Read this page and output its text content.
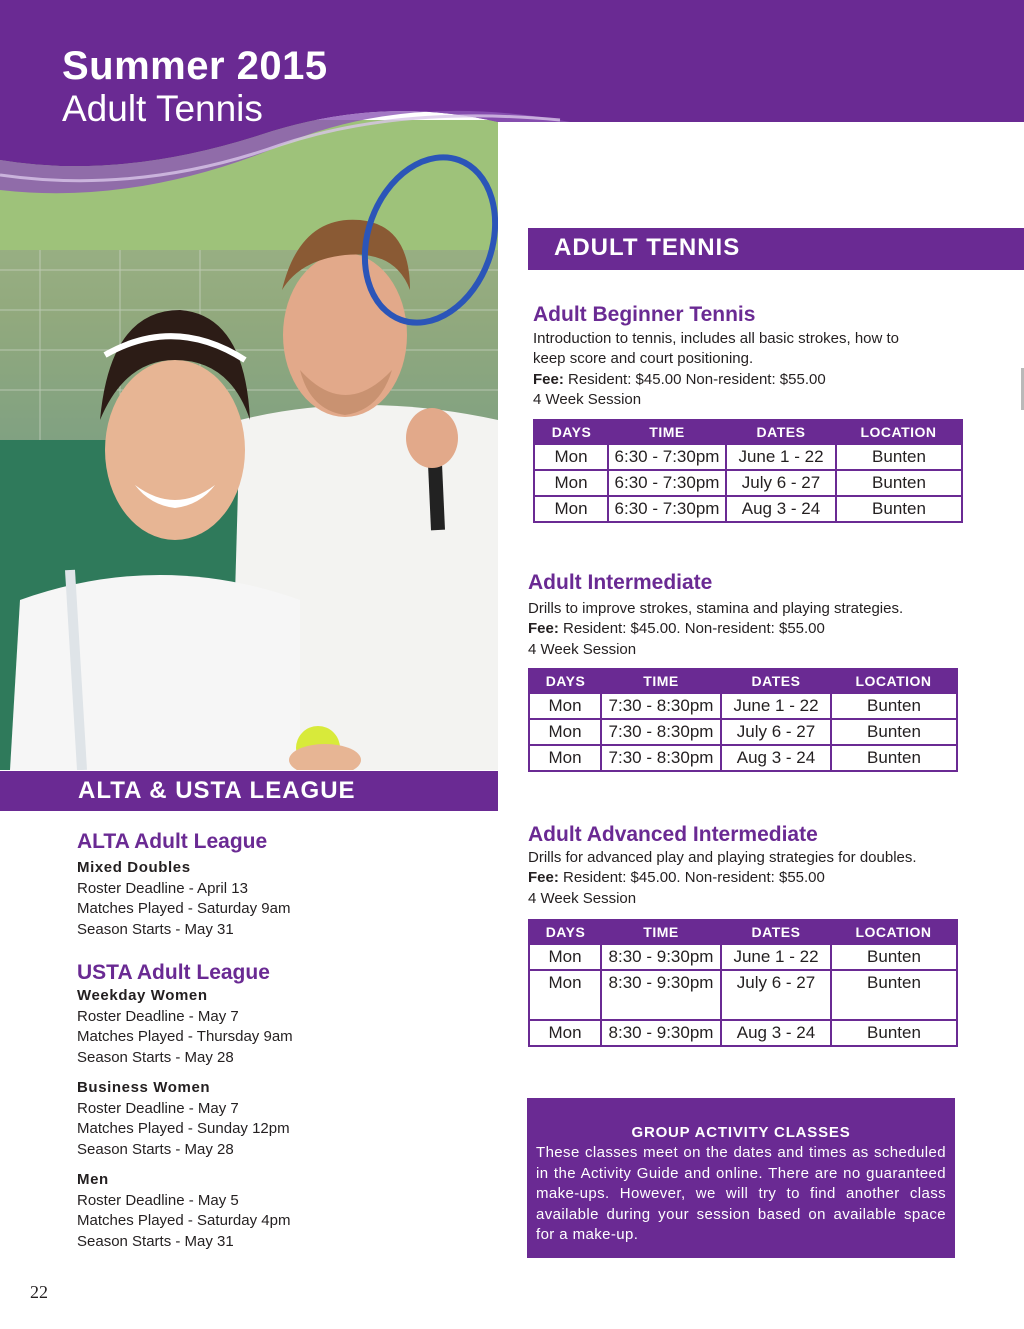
Summer 2015
Adult Tennis
ADULT TENNIS
Adult Beginner Tennis
Introduction to tennis, includes all basic strokes, how to
keep score and court positioning.
Fee: Resident: $45.00 Non-resident: $55.00
4 Week Session
DAYS	TIME	DATES	LOCATION
Mon	6:30 - 7:30pm	June 1 - 22	Bunten
Mon	6:30 - 7:30pm	July 6 - 27	Bunten
Mon	6:30 - 7:30pm	Aug 3 - 24	Bunten
Adult Intermediate
Drills to improve strokes, stamina and playing strategies.
Fee: Resident: $45.00. Non-resident: $55.00
4 Week Session
DAYS	TIME	DATES	LOCATION
Mon	7:30 - 8:30pm	June 1 - 22	Bunten
Mon	7:30 - 8:30pm	July 6 - 27	Bunten
Mon	7:30 - 8:30pm	Aug 3 - 24	Bunten
Adult Advanced Intermediate
Drills for advanced play and playing strategies for doubles.
Fee: Resident: $45.00. Non-resident: $55.00
4 Week Session
DAYS	TIME	DATES	LOCATION
Mon	8:30 - 9:30pm	June 1 - 22	Bunten
Mon	8:30 - 9:30pm	July 6 - 27	Bunten
Mon	8:30 - 9:30pm	Aug 3 - 24	Bunten
GROUP ACTIVITY CLASSES
These classes meet on the dates and times as scheduled in the Activity Guide and online. There are no guaranteed make-ups. However, we will try to find another class available during your session based on available space for a make-up.
ALTA & USTA LEAGUE
ALTA Adult League
Mixed Doubles
Roster Deadline - April 13
Matches Played - Saturday 9am
Season Starts - May 31
USTA Adult League
Weekday Women
Roster Deadline - May 7
Matches Played - Thursday 9am
Season Starts - May 28
Business Women
Roster Deadline - May 7
Matches Played - Sunday 12pm
Season Starts - May 28
Men
Roster Deadline - May 5
Matches Played - Saturday 4pm
Season Starts - May 31
22
